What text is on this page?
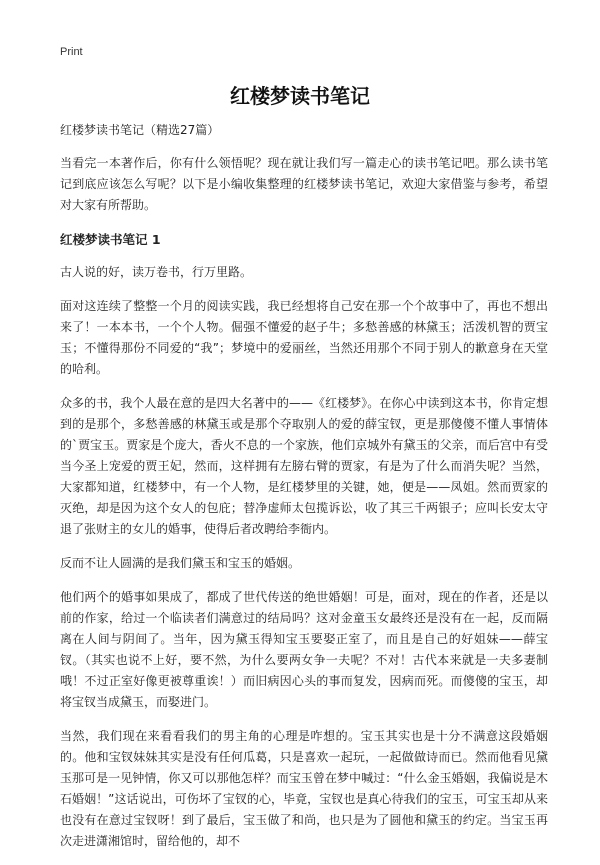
Print
红楼梦读书笔记

红楼梦读书笔记（精选27篇）

当看完一本著作后，你有什么领悟呢？现在就让我们写一篇走心的读书笔记吧。那么读书笔记到底应该怎么写呢？以下是小编收集整理的红楼梦读书笔记，欢迎大家借鉴与参考，希望对大家有所帮助。

红楼梦读书笔记 1

古人说的好，读万卷书，行万里路。

面对这连续了整整一个月的阅读实践，我已经想将自己安在那一个个故事中了，再也不想出来了！一本本书，一个个人物。倔强不懂爱的赵子牛；多愁善感的林黛玉；活泼机智的贾宝玉；不懂得那份不同爱的“我”；梦境中的爱丽丝，当然还用那个不同于别人的歉意身在天堂的哈利。

众多的书，我个人最在意的是四大名著中的——《红楼梦》。在你心中读到这本书，你肯定想到的是那个，多愁善感的林黛玉或是那个夺取别人的爱的薛宝钗，更是那傻傻不懂人事情体的`贾宝玉。贾家是个庞大，香火不息的一个家族，他们京城外有黛玉的父亲，而后宫中有受当今圣上宠爱的贾王妃，然而，这样拥有左膀右臂的贾家，有是为了什么而消失呢？当然，大家都知道，红楼梦中，有一个人物，是红楼梦里的关键，她，便是——凤姐。然而贾家的灭绝，却是因为这个女人的包庇；替净虚师太包揽诉讼，收了其三千两银子；应叫长安太守退了张财主的女儿的婚事，使得后者改聘给李衙内。

反而不让人圆满的是我们黛玉和宝玉的婚姻。

他们两个的婚事如果成了，都成了世代传送的绝世婚姻！可是，面对，现在的作者，还是以前的作家，给过一个临读者们满意过的结局吗？这对金童玉女最终还是没有在一起，反而隔离在人间与阴间了。当年，因为黛玉得知宝玉要娶正室了，而且是自己的好姐妹——薛宝钗。（其实也说不上好，要不然，为什么要两女争一夫呢？不对！古代本来就是一夫多妻制哦！不过正室好像更被尊重诶！）而旧病因心头的事而复发，因病而死。而傻傻的宝玉，却将宝钗当成黛玉，而娶进门。

当然，我们现在来看看我们的男主角的心理是咋想的。宝玉其实也是十分不满意这段婚姻的。他和宝钗妹妹其实是没有任何瓜葛，只是喜欢一起玩，一起做做诗而已。然而他看见黛玉那可是一见钟情，你又可以那他怎样？而宝玉曾在梦中喊过：“什么金玉婚姻，我偏说是木石婚姻！”这话说出，可伤坏了宝钗的心，毕竟，宝钗也是真心待我们的宝玉，可宝玉却从来也没有在意过宝钗呀！到了最后，宝玉做了和尚，也只是为了圆他和黛玉的约定。当宝玉再次走进潇湘馆时，留给他的，却不
